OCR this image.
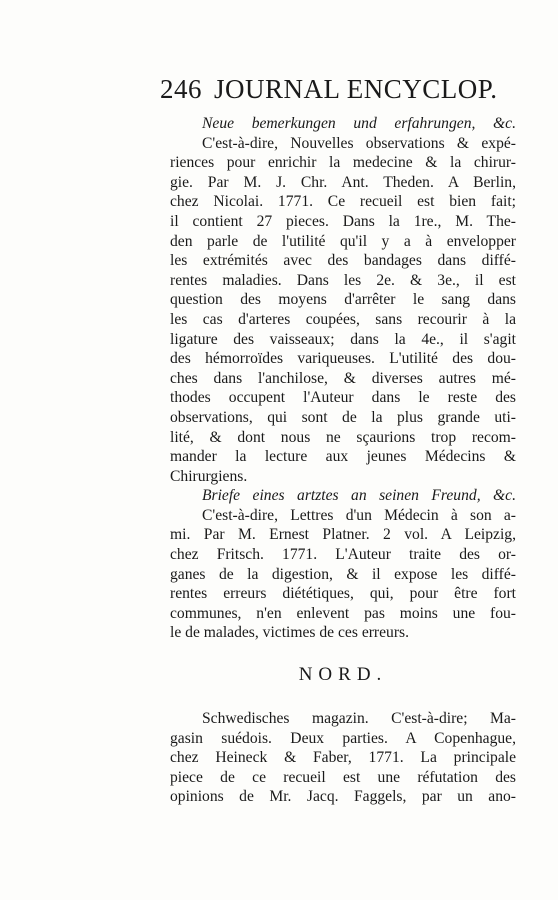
246 JOURNAL ENCYCLOP.
Neue bemerkungen und erfahrungen, &c.
C'est-à-dire, Nouvelles observations & expé-
riences pour enrichir la medecine & la chirur-
gie. Par M. J. Chr. Ant. Theden. A Berlin,
chez Nicolai. 1771. Ce recueil est bien fait;
il contient 27 pieces. Dans la 1re., M. The-
den parle de l'utilité qu'il y a à envelopper
les extrémités avec des bandages dans diffé-
rentes maladies. Dans les 2e. & 3e., il est
question des moyens d'arrêter le sang dans
les cas d'arteres coupées, sans recourir à la
ligature des vaisseaux; dans la 4e., il s'agit
des hémorroïdes variqueuses. L'utilité des dou-
ches dans l'anchilose, & diverses autres mé-
thodes occupent l'Auteur dans le reste des
observations, qui sont de la plus grande uti-
lité, & dont nous ne sçaurions trop recom-
mander la lecture aux jeunes Médecins &
Chirurgiens.
Briefe eines artztes an seinen Freund, &c.
C'est-à-dire, Lettres d'un Médecin à son a-
mi. Par M. Ernest Platner. 2 vol. A Leipzig,
chez Fritsch. 1771. L'Auteur traite des or-
ganes de la digestion, & il expose les diffé-
rentes erreurs diététiques, qui, pour être fort
communes, n'en enlevent pas moins une fou-
le de malades, victimes de ces erreurs.
NORD.
Schwedisches magazin. C'est-à-dire; Ma-
gasin suédois. Deux parties. A Copenhague,
chez Heineck & Faber, 1771. La principale
piece de ce recueil est une réfutation des
opinions de Mr. Jacq. Faggels, par un ano-
